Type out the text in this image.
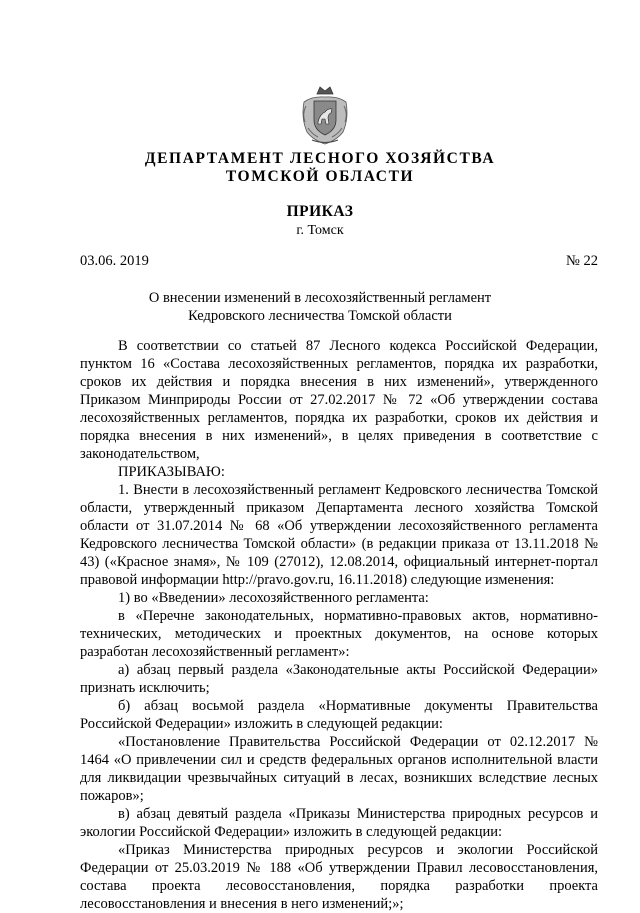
ДЕПАРТАМЕНТ ЛЕСНОГО ХОЗЯЙСТВА
ТОМСКОЙ ОБЛАСТИ
ПРИКАЗ
г. Томск
03.06. 2019	№ 22
О внесении изменений в лесохозяйственный регламент
Кедровского лесничества Томской области

В соответствии со статьей 87 Лесного кодекса Российской Федерации, пунктом 16 «Состава лесохозяйственных регламентов, порядка их разработки, сроков их действия и порядка внесения в них изменений», утвержденного Приказом Минприроды России от 27.02.2017 № 72 «Об утверждении состава лесохозяйственных регламентов, порядка их разработки, сроков их действия и порядка внесения в них изменений», в целях приведения в соответствие с законодательством,

ПРИКАЗЫВАЮ:

1. Внести в лесохозяйственный регламент Кедровского лесничества Томской области, утвержденный приказом Департамента лесного хозяйства Томской области от 31.07.2014 № 68 «Об утверждении лесохозяйственного регламента Кедровского лесничества Томской области» (в редакции приказа от 13.11.2018 № 43) («Красное знамя», № 109 (27012), 12.08.2014, официальный интернет-портал правовой информации http://pravo.gov.ru, 16.11.2018) следующие изменения:

1) во «Введении» лесохозяйственного регламента:

в «Перечне законодательных, нормативно-правовых актов, нормативно-технических, методических и проектных документов, на основе которых разработан лесохозяйственный регламент»:

а) абзац первый раздела «Законодательные акты Российской Федерации» признать исключить;

б) абзац восьмой раздела «Нормативные документы Правительства Российской Федерации» изложить в следующей редакции:

«Постановление Правительства Российской Федерации от 02.12.2017 № 1464 «О привлечении сил и средств федеральных органов исполнительной власти для ликвидации чрезвычайных ситуаций в лесах, возникших вследствие лесных пожаров»;

в) абзац девятый раздела «Приказы Министерства природных ресурсов и экологии Российской Федерации» изложить в следующей редакции:

«Приказ Министерства природных ресурсов и экологии Российской Федерации от 25.03.2019 № 188 «Об утверждении Правил лесовосстановления, состава проекта лесовосстановления, порядка разработки проекта лесовосстановления и внесения в него изменений;»;
